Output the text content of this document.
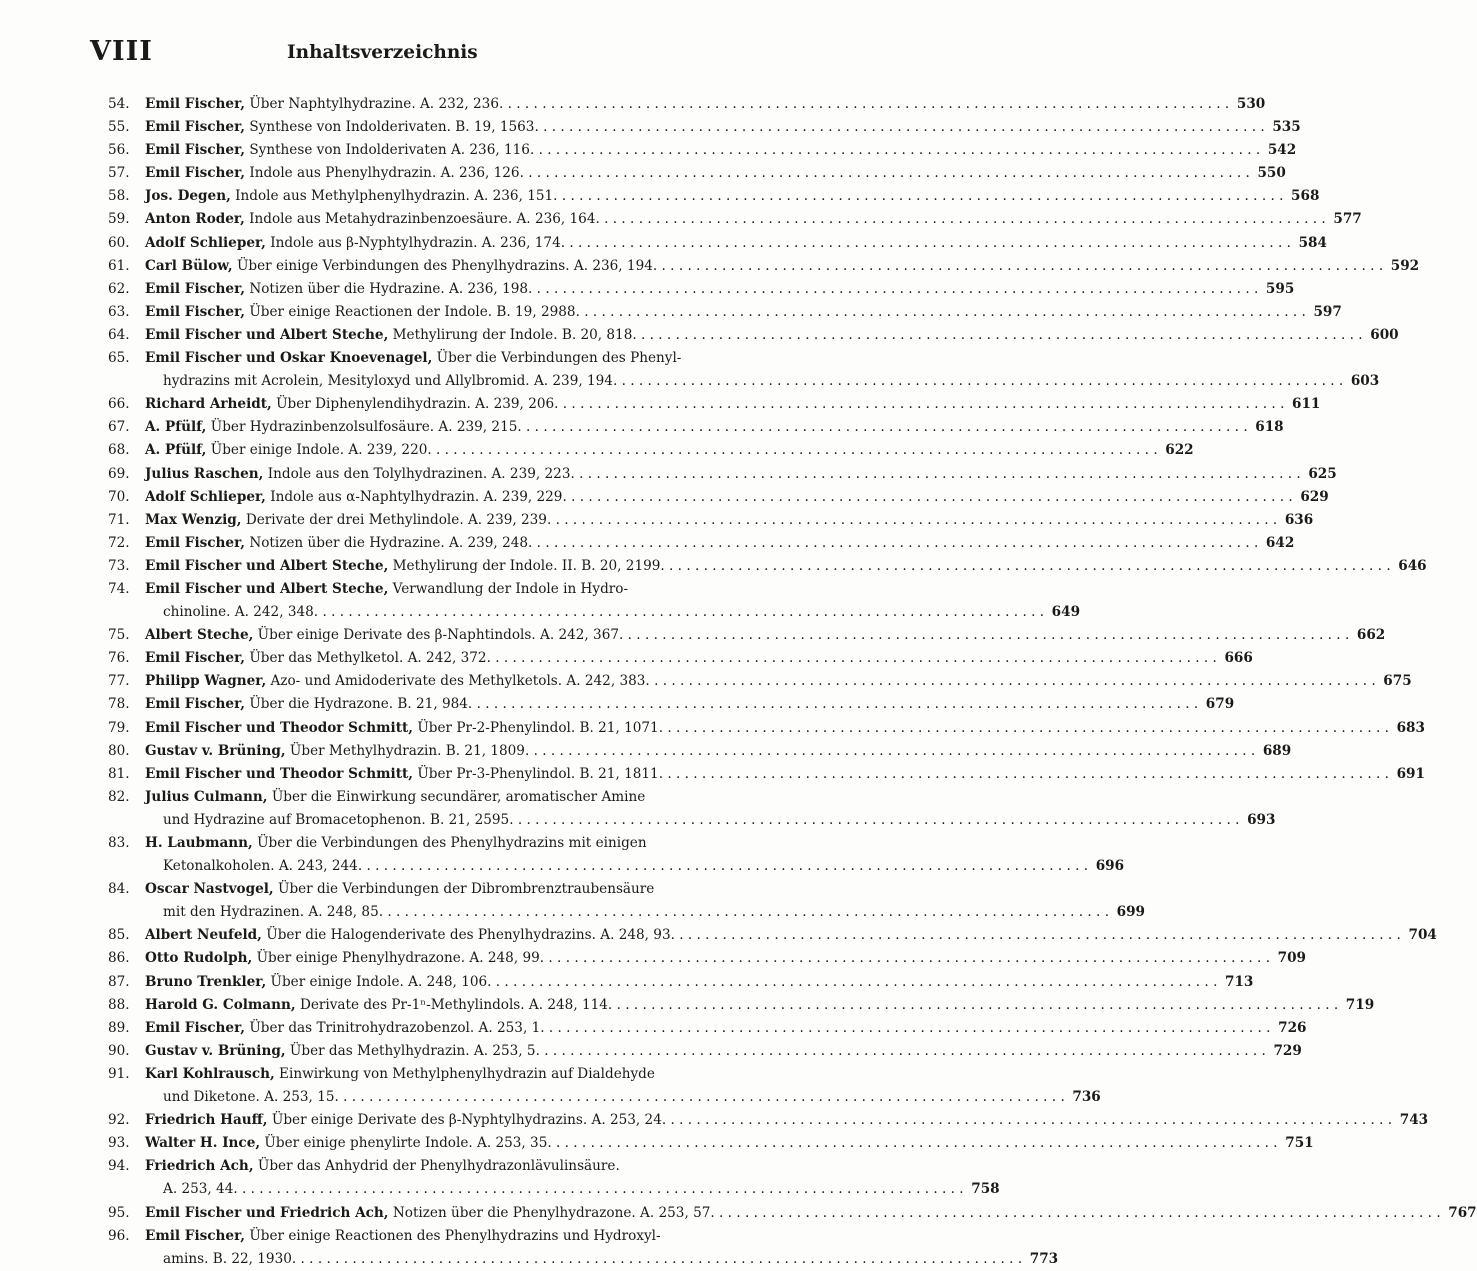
VIII	Inhaltsverzeichnis
54.	Emil Fischer, Über Naphtylhydrazine. A. 232, 236 . . .	530
55.	Emil Fischer, Synthese von Indolderivaten. B. 19, 1563 . . .	535
56.	Emil Fischer, Synthese von Indolderivaten A. 236, 116 . . .	542
57.	Emil Fischer, Indole aus Phenylhydrazin. A. 236, 126 . . .	550
58.	Jos. Degen, Indole aus Methylphenylhydrazin. A. 236, 151 . . .	568
59.	Anton Roder, Indole aus Metahydrazinbenzoesäure. A. 236, 164 . . .	577
60.	Adolf Schlieper, Indole aus β-Nyphtylhydrazin. A. 236, 174 . . .	584
61.	Carl Bülow, Über einige Verbindungen des Phenylhydrazins. A. 236, 194 . . .	592
62.	Emil Fischer, Notizen über die Hydrazine. A. 236, 198 . . .	595
63.	Emil Fischer, Über einige Reactionen der Indole. B. 19, 2988 . . .	597
64.	Emil Fischer und Albert Steche, Methylirung der Indole. B. 20, 818 . . .	600
65.	Emil Fischer und Oskar Knoevenagel, Über die Verbindungen des Phenyl-
hydrazins mit Acrolein, Mesityloxyd und Allylbromid. A. 239, 194 . . .	603
66.	Richard Arheidt, Über Diphenylendihydrazin. A. 239, 206 . . .	611
67.	A. Pfülf, Über Hydrazinbenzolsulfosäure. A. 239, 215 . . .	618
68.	A. Pfülf, Über einige Indole. A. 239, 220 . . .	622
69.	Julius Raschen, Indole aus den Tolylhydrazinen. A. 239, 223 . . .	625
70.	Adolf Schlieper, Indole aus α-Naphtylhydrazin. A. 239, 229 . . .	629
71.	Max Wenzig, Derivate der drei Methylindole. A. 239, 239 . . .	636
72.	Emil Fischer, Notizen über die Hydrazine. A. 239, 248 . . .	642
73.	Emil Fischer und Albert Steche, Methylirung der Indole. II. B. 20, 2199 . . .	646
74.	Emil Fischer und Albert Steche, Verwandlung der Indole in Hydro-
chinoline. A. 242, 348 . . .	649
75.	Albert Steche, Über einige Derivate des β-Naphtindols. A. 242, 367 . . .	662
76.	Emil Fischer, Über das Methylketol. A. 242, 372 . . .	666
77.	Philipp Wagner, Azo- und Amidoderivate des Methylketols. A. 242, 383 . . .	675
78.	Emil Fischer, Über die Hydrazone. B. 21, 984 . . .	679
79.	Emil Fischer und Theodor Schmitt, Über Pr-2-Phenylindol. B. 21, 1071 . . .	683
80.	Gustav v. Brüning, Über Methylhydrazin. B. 21, 1809 . . .	689
81.	Emil Fischer und Theodor Schmitt, Über Pr-3-Phenylindol. B. 21, 1811 . . .	691
82.	Julius Culmann, Über die Einwirkung secundärer, aromatischer Amine
und Hydrazine auf Bromacetophenon. B. 21, 2595 . . .	693
83.	H. Laubmann, Über die Verbindungen des Phenylhydrazins mit einigen
Ketonalkoholen. A. 243, 244 . . .	696
84.	Oscar Nastvogel, Über die Verbindungen der Dibrombrenztraubensäure
mit den Hydrazinen. A. 248, 85 . . .	699
85.	Albert Neufeld, Über die Halogenderivate des Phenylhydrazins. A. 248, 93 . . .	704
86.	Otto Rudolph, Über einige Phenylhydrazone. A. 248, 99 . . .	709
87.	Bruno Trenkler, Über einige Indole. A. 248, 106 . . .	713
88.	Harold G. Colmann, Derivate des Pr-1ⁿ-Methylindols. A. 248, 114 . . .	719
89.	Emil Fischer, Über das Trinitrohydrazobenzol. A. 253, 1 . . .	726
90.	Gustav v. Brüning, Über das Methylhydrazin. A. 253, 5 . . .	729
91.	Karl Kohlrausch, Einwirkung von Methylphenylhydrazin auf Dialdehyde
und Diketone. A. 253, 15 . . .	736
92.	Friedrich Hauff, Über einige Derivate des β-Nyphtylhydrazins. A. 253, 24 . . .	743
93.	Walter H. Ince, Über einige phenylirte Indole. A. 253, 35 . . .	751
94.	Friedrich Ach, Über das Anhydrid der Phenylhydrazonlävulinsäure.
A. 253, 44 . . .	758
95.	Emil Fischer und Friedrich Ach, Notizen über die Phenylhydrazone. A. 253, 57 . . .	767
96.	Emil Fischer, Über einige Reactionen des Phenylhydrazins und Hydroxyl-
amins. B. 22, 1930 . . .	773
